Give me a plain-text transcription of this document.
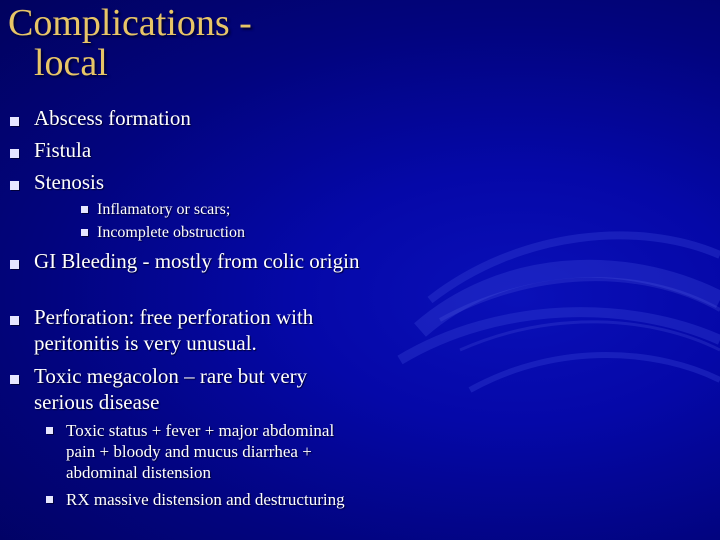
Complications -
local
Abscess formation
Fistula
Stenosis
Inflamatory or scars;
Incomplete obstruction
GI Bleeding - mostly from colic origin
Perforation: free perforation with peritonitis is very unusual.
Toxic megacolon – rare but very serious disease
Toxic status + fever + major abdominal pain + bloody and mucus diarrhea + abdominal distension
RX massive distension and destructuring
